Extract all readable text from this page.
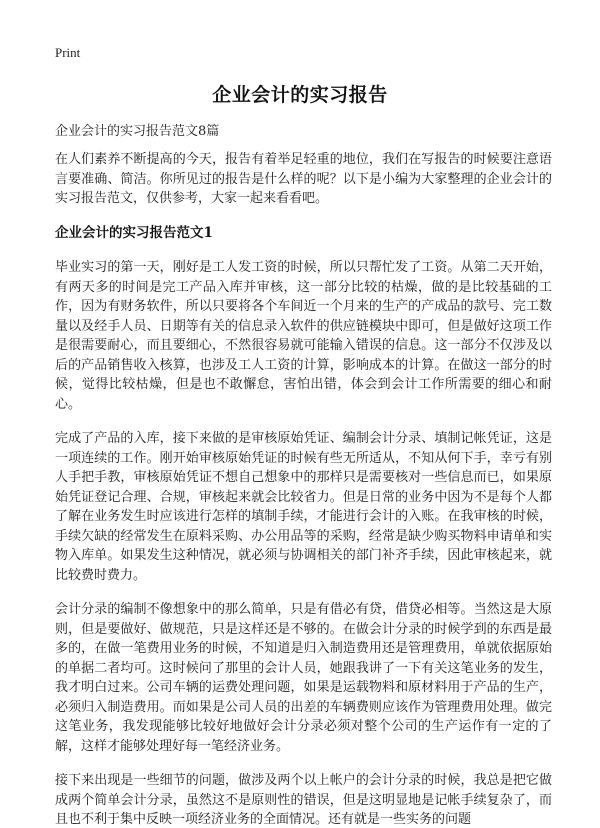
Print
企业会计的实习报告
企业会计的实习报告范文8篇

在人们素养不断提高的今天，报告有着举足轻重的地位，我们在写报告的时候要注意语言要准确、简洁。你所见过的报告是什么样的呢？以下是小编为大家整理的企业会计的实习报告范文，仅供参考，大家一起来看看吧。

企业会计的实习报告范文1

毕业实习的第一天，刚好是工人发工资的时候，所以只帮忙发了工资。从第二天开始，有两天多的时间是完工产品入库并审核，这一部分比较的枯燥，做的是比较基础的工作，因为有财务软件，所以只要将各个车间近一个月来的生产的产成品的款号、完工数量以及经手人员、日期等有关的信息录入软件的供应链模块中即可，但是做好这项工作是很需要耐心，而且要细心，不然很容易就可能输入错误的信息。这一部分不仅涉及以后的产品销售收入核算，也涉及工人工资的计算，影响成本的计算。在做这一部分的时候，觉得比较枯燥，但是也不敢懈怠，害怕出错，体会到会计工作所需要的细心和耐心。

完成了产品的入库，接下来做的是审核原始凭证、编制会计分录、填制记帐凭证，这是一项连续的工作。刚开始审核原始凭证的时候有些无所适从，不知从何下手，幸亏有别人手把手教，审核原始凭证不想自己想象中的那样只是需要核对一些信息而已，如果原始凭证登记合理、合规，审核起来就会比较省力。但是日常的业务中因为不是每个人都了解在业务发生时应该进行怎样的填制手续，才能进行会计的入账。在我审核的时候，手续欠缺的经常发生在原料采购、办公用品等的采购，经常是缺少购买物料申请单和实物入库单。如果发生这种情况，就必须与协调相关的部门补齐手续，因此审核起来，就比较费时费力。

会计分录的编制不像想象中的那么简单，只是有借必有贷，借贷必相等。当然这是大原则，但是要做好、做规范，只是这样还是不够的。在做会计分录的时候学到的东西是最多的，在做一笔费用业务的时候，不知道是归入制造费用还是管理费用，单就依据原始的单据二者均可。这时候问了那里的会计人员，她跟我讲了一下有关这笔业务的发生，我才明白过来。公司车辆的运费处理问题，如果是运载物料和原材料用于产品的生产，必须归入制造费用。而如果是公司人员的出差的车辆费则应该作为管理费用处理。做完这笔业务，我发现能够比较好地做好会计分录必须对整个公司的生产运作有一定的了解，这样才能够处理好每一笔经济业务。

接下来出现是一些细节的问题，做涉及两个以上帐户的会计分录的时候，我总是把它做成两个简单会计分录，虽然这不是原则性的错误，但是这明显地是记帐手续复杂了，而且也不利于集中反映一项经济业务的全面情况。还有就是一些实务的问题
